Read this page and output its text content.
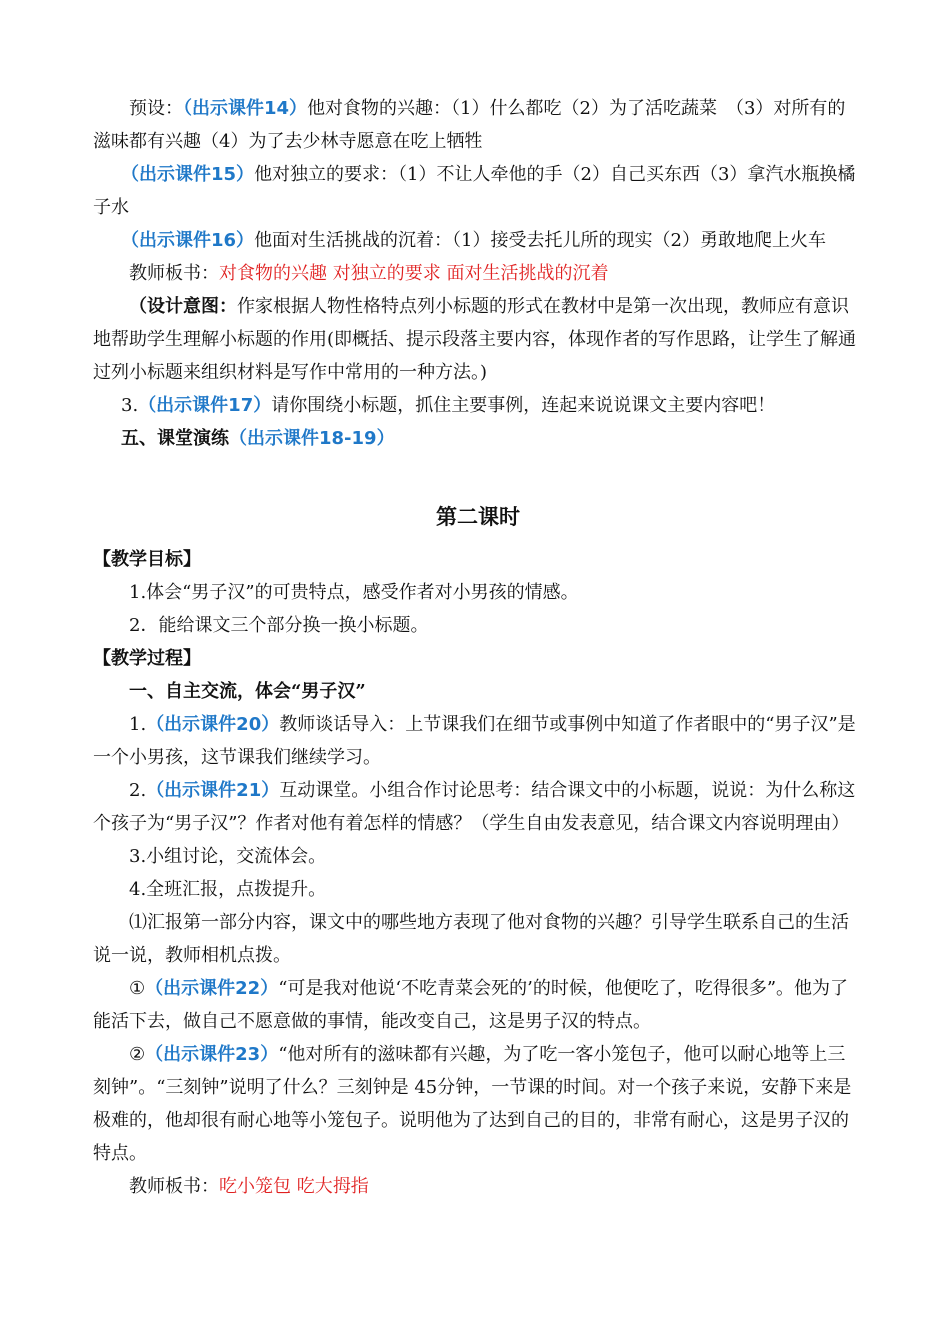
预设：（出示课件14）他对食物的兴趣：（1）什么都吃（2）为了活吃蔬菜　（3）对所有的滋味都有兴趣（4）为了去少林寺愿意在吃上牺牲

（出示课件15）他对独立的要求：（1）不让人牵他的手（2）自己买东西（3）拿汽水瓶换橘子水

（出示课件16）他面对生活挑战的沉着：（1）接受去托儿所的现实（2）勇敢地爬上火车

教师板书：对食物的兴趣 对独立的要求 面对生活挑战的沉着

（设计意图：作家根据人物性格特点列小标题的形式在教材中是第一次出现，教师应有意识地帮助学生理解小标题的作用(即概括、提示段落主要内容，体现作者的写作思路，让学生了解通过列小标题来组织材料是写作中常用的一种方法。)

3.（出示课件17）请你围绕小标题，抓住主要事例，连起来说说课文主要内容吧！

五、课堂演练（出示课件18-19）

第二课时

【教学目标】

1.体会“男子汉”的可贵特点，感受作者对小男孩的情感。

2．能给课文三个部分换一换小标题。

【教学过程】

一、自主交流，体会“男子汉”

1.（出示课件20）教师谈话导入：上节课我们在细节或事例中知道了作者眼中的“男子汉”是一个小男孩，这节课我们继续学习。

2.（出示课件21）互动课堂。小组合作讨论思考：结合课文中的小标题，说说：为什么称这个孩子为“男子汉”？作者对他有着怎样的情感？（学生自由发表意见，结合课文内容说明理由）

3.小组讨论，交流体会。

4.全班汇报，点拨提升。

⑴汇报第一部分内容，课文中的哪些地方表现了他对食物的兴趣？引导学生联系自己的生活说一说，教师相机点拨。

①（出示课件22）“可是我对他说‘不吃青菜会死的’的时候，他便吃了，吃得很多”。他为了能活下去，做自己不愿意做的事情，能改变自己，这是男子汉的特点。

②（出示课件23）“他对所有的滋味都有兴趣，为了吃一客小笼包子，他可以耐心地等上三刻钟”。“三刻钟”说明了什么？三刻钟是 45分钟，一节课的时间。对一个孩子来说，安静下来是极难的，他却很有耐心地等小笼包子。说明他为了达到自己的目的，非常有耐心，这是男子汉的特点。

教师板书：吃小笼包 吃大拇指
